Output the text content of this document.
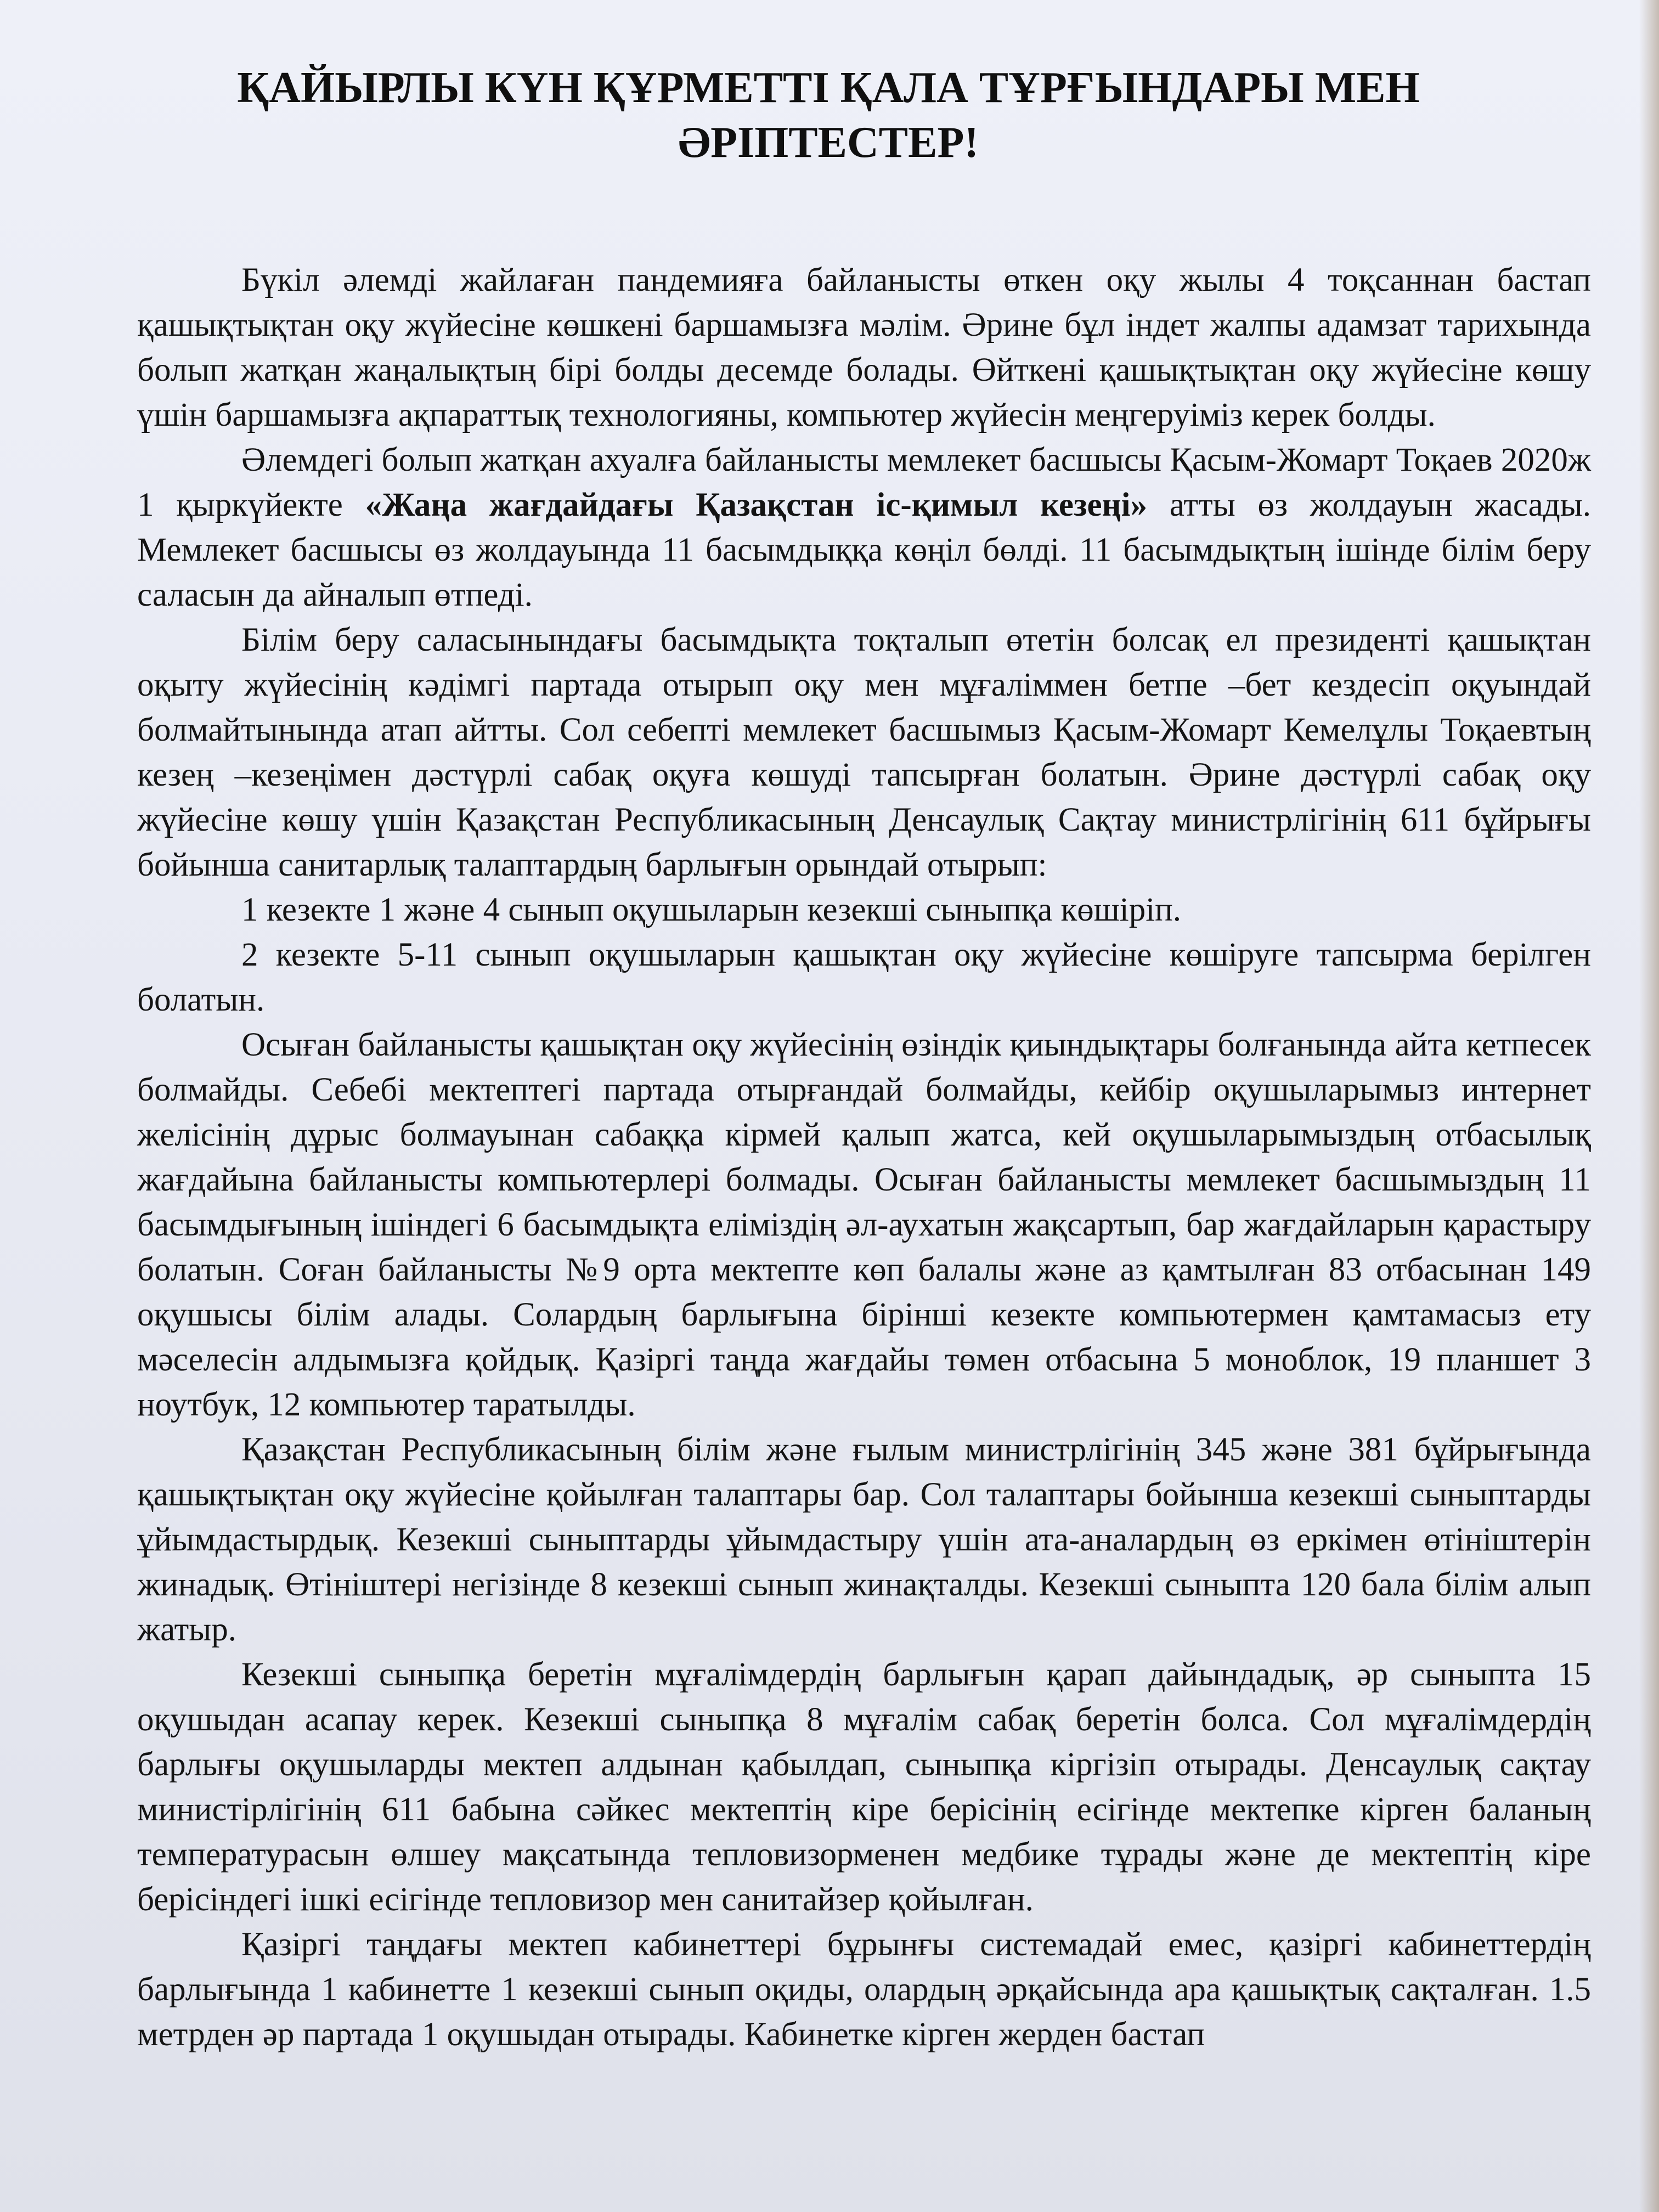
ҚАЙЫРЛЫ КҮН ҚҰРМЕТТІ ҚАЛА ТҰРҒЫНДАРЫ МЕН ӘРІПТЕСТЕР!

Бүкіл әлемді жайлаған пандемияға байланысты өткен оқу жылы 4 тоқсаннан бастап қашықтықтан оқу жүйесіне көшкені баршамызға мәлім. Әрине бұл індет жалпы адамзат тарихында болып жатқан жаңалықтың бірі болды десемде болады. Өйткені қашықтықтан оқу жүйесіне көшу үшін баршамызға ақпараттық технологияны, компьютер жүйесін меңгеруіміз керек болды.

Әлемдегі болып жатқан ахуалға байланысты мемлекет басшысы Қасым-Жомарт Тоқаев 2020ж 1 қыркүйекте «Жаңа жағдайдағы Қазақстан іс-қимыл кезеңі» атты өз жолдауын жасады. Мемлекет басшысы өз жолдауында 11 басымдыққа көңіл бөлді. 11 басымдықтың ішінде білім беру саласын да айналып өтпеді.

Білім беру саласынындағы басымдықта тоқталып өтетін болсақ ел президенті қашықтан оқыту жүйесінің кәдімгі партада отырып оқу мен мұғаліммен бетпе –бет кездесіп оқуындай болмайтынында атап айтты. Сол себепті мемлекет басшымыз Қасым-Жомарт Кемелұлы Тоқаевтың кезең –кезеңімен дәстүрлі сабақ оқуға көшуді тапсырған болатын. Әрине дәстүрлі сабақ оқу жүйесіне көшу үшін Қазақстан Республикасының Денсаулық Сақтау министрлігінің 611 бұйрығы бойынша санитарлық талаптардың барлығын орындай отырып:

1 кезекте 1 және 4 сынып оқушыларын кезекші сыныпқа көшіріп.

2 кезекте 5-11 сынып оқушыларын қашықтан оқу жүйесіне көшіруге тапсырма берілген болатын.

Осыған байланысты қашықтан оқу жүйесінің өзіндік қиындықтары болғанында айта кетпесек болмайды. Себебі мектептегі партада отырғандай болмайды, кейбір оқушыларымыз интернет желісінің дұрыс болмауынан сабаққа кірмей қалып жатса, кей оқушыларымыздың отбасылық жағдайына байланысты компьютерлері болмады. Осыған байланысты мемлекет басшымыздың 11 басымдығының ішіндегі 6 басымдықта еліміздің әл-аухатын жақсартып, бар жағдайларын қарастыру болатын. Соған байланысты №9 орта мектепте көп балалы және аз қамтылған 83 отбасынан 149 оқушысы білім алады. Солардың барлығына бірінші кезекте компьютермен қамтамасыз ету мәселесін алдымызға қойдық. Қазіргі таңда жағдайы төмен отбасына 5 моноблок, 19 планшет 3 ноутбук, 12 компьютер таратылды.

Қазақстан Республикасының білім және ғылым министрлігінің 345 және 381 бұйрығында қашықтықтан оқу жүйесіне қойылған талаптары бар. Сол талаптары бойынша кезекші сыныптарды ұйымдастырдық. Кезекші сыныптарды ұйымдастыру үшін ата-аналардың өз еркімен өтініштерін жинадық. Өтініштері негізінде 8 кезекші сынып жинақталды. Кезекші сыныпта 120 бала білім алып жатыр.

Кезекші сыныпқа беретін мұғалімдердің барлығын қарап дайындадық, әр сыныпта 15 оқушыдан асапау керек. Кезекші сыныпқа 8 мұғалім сабақ беретін болса. Сол мұғалімдердің барлығы оқушыларды мектеп алдынан қабылдап, сыныпқа кіргізіп отырады. Денсаулық сақтау министірлігінің 611 бабына сәйкес мектептің кіре берісінің есігінде мектепке кірген баланың температурасын өлшеу мақсатында тепловизорменен медбике тұрады және де мектептің кіре берісіндегі ішкі есігінде тепловизор мен санитайзер қойылған.

Қазіргі таңдағы мектеп кабинеттері бұрынғы системадай емес, қазіргі кабинеттердің барлығында 1 кабинетте 1 кезекші сынып оқиды, олардың әрқайсында ара қашықтық сақталған. 1.5 метрден әр партада 1 оқушыдан отырады. Кабинетке кірген жерден бастап
